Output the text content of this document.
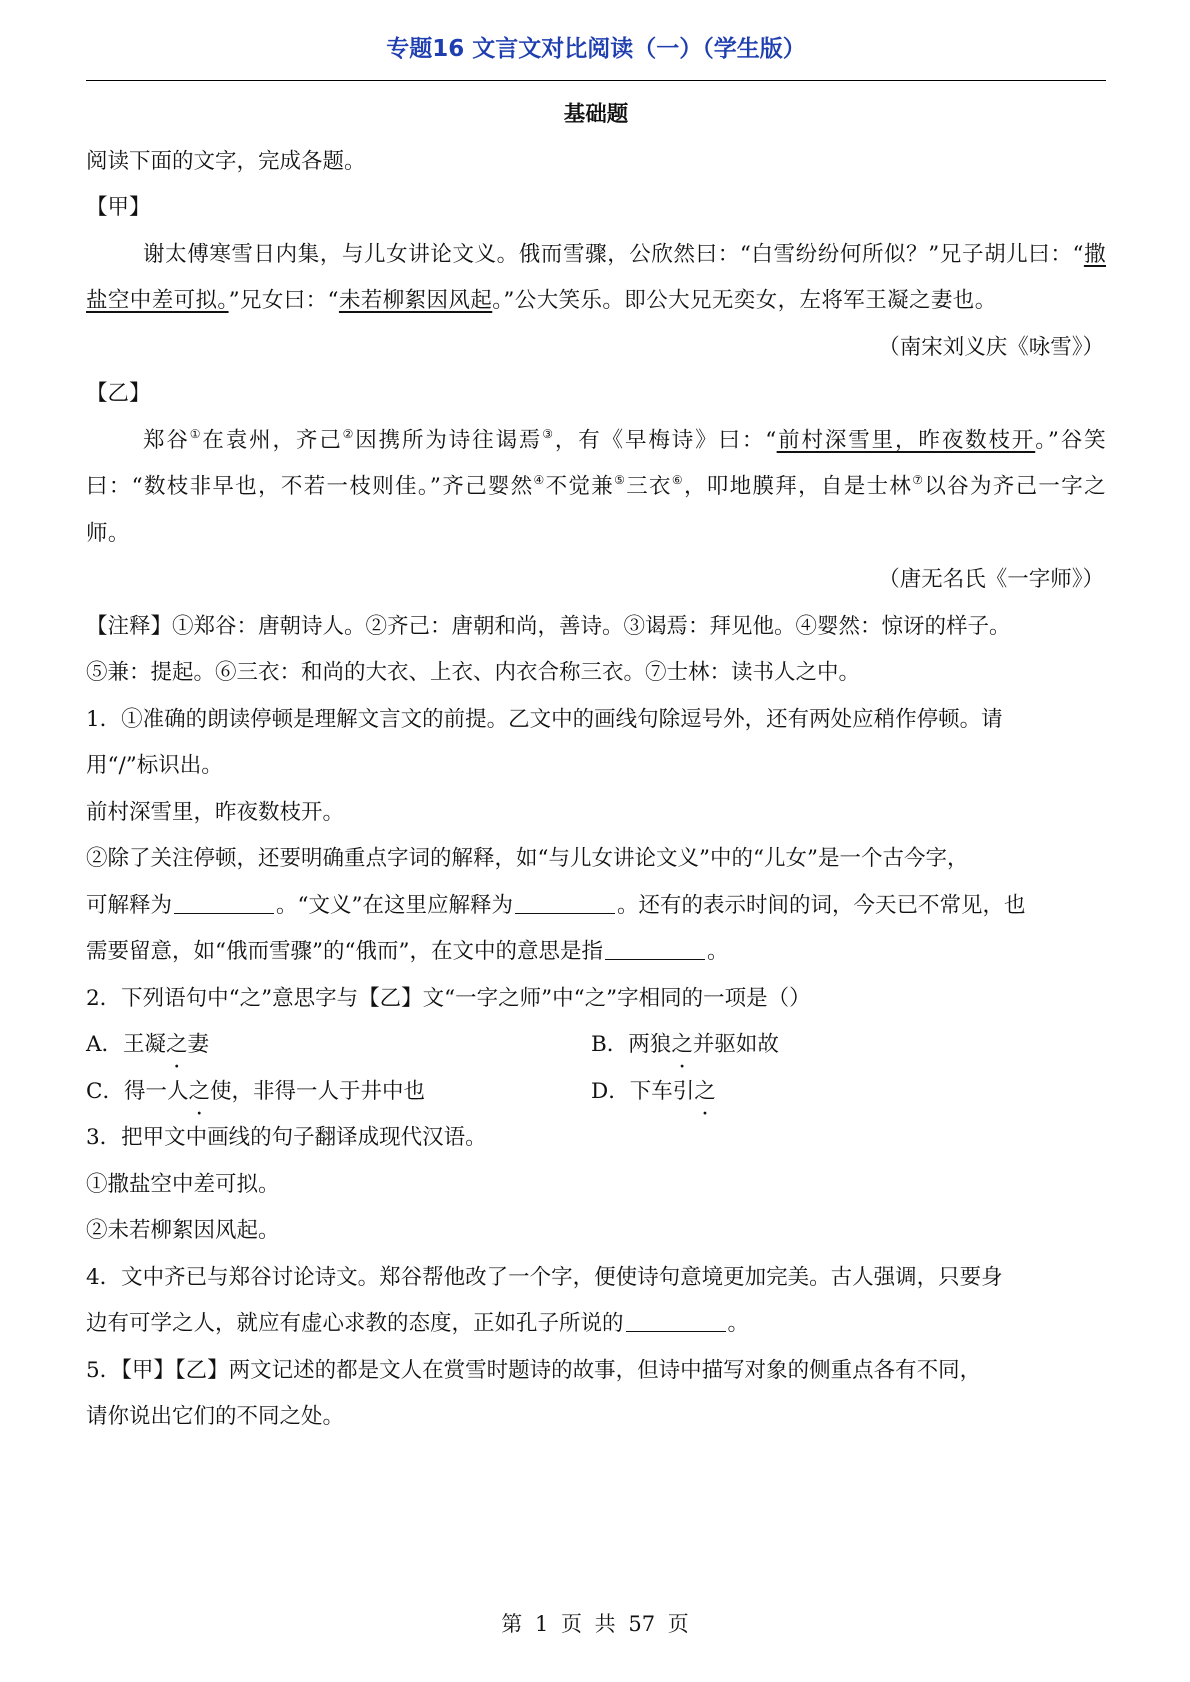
专题16 文言文对比阅读（一）（学生版）
基础题
阅读下面的文字，完成各题。
【甲】
谢太傅寒雪日内集，与儿女讲论文义。俄而雪骤，公欣然曰：“白雪纷纷何所似？”兄子胡儿曰：“撒盐空中差可拟。”兄女曰：“未若柳絮因风起。”公大笑乐。即公大兄无奕女，左将军王凝之妻也。
（南宋刘义庆《咏雪》）
【乙】
郑谷①在袁州，齐己②因携所为诗往谒焉③，有《早梅诗》曰：“前村深雪里，昨夜数枝开。”谷笑曰：“数枝非早也，不若一枝则佳。”齐己婴然④不觉兼⑤三衣⑥，叩地膜拜，自是士林⑦以谷为齐己一字之师。
（唐无名氏《一字师》）
【注释】①郑谷：唐朝诗人。②齐己：唐朝和尚，善诗。③谒焉：拜见他。④婴然：惊讶的样子。
⑤兼：提起。⑥三衣：和尚的大衣、上衣、内衣合称三衣。⑦士林：读书人之中。
1．①准确的朗读停顿是理解文言文的前提。乙文中的画线句除逗号外，还有两处应稍作停顿。请
用“/”标识出。
前村深雪里，昨夜数枝开。
②除了关注停顿，还要明确重点字词的解释，如“与儿女讲论文义”中的“儿女”是一个古今字，
可解释为	。“文义”在这里应解释为	。还有的表示时间的词，今天已不常见，也
需要留意，如“俄而雪骤”的“俄而”，在文中的意思是指	。
2．下列语句中“之”意思字与【乙】文“一字之师”中“之”字相同的一项是（）
A．王凝之妻	B．两狼之并驱如故
C．得一人之使，非得一人于井中也	D．下车引之
3．把甲文中画线的句子翻译成现代汉语。
①撒盐空中差可拟。
②未若柳絮因风起。
4．文中齐已与郑谷讨论诗文。郑谷帮他改了一个字，便使诗句意境更加完美。古人强调，只要身
边有可学之人，就应有虚心求教的态度，正如孔子所说的	。
5．【甲】【乙】两文记述的都是文人在赏雪时题诗的故事，但诗中描写对象的侧重点各有不同，
请你说出它们的不同之处。
第 1 页 共 57 页
